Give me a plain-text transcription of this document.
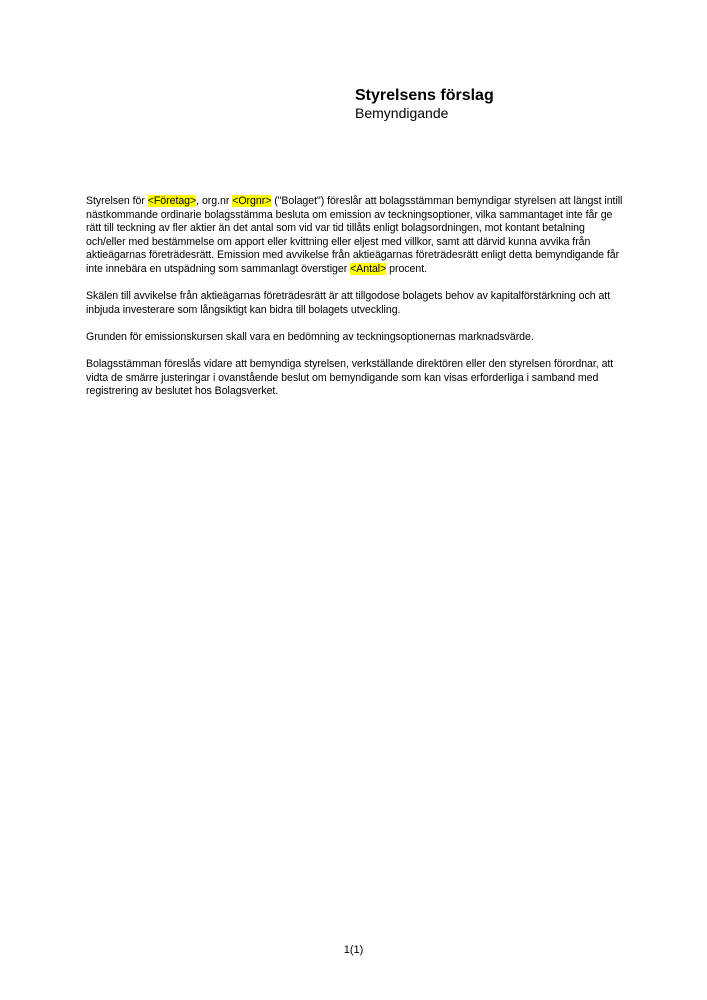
Styrelsens förslag

Bemyndigande

Styrelsen för <Företag>, org.nr <Orgnr> ("Bolaget") föreslår att bolagsstämman bemyndigar styrelsen att längst intill nästkommande ordinarie bolagsstämma besluta om emission av teckningsoptioner, vilka sammantaget inte får ge rätt till teckning av fler aktier än det antal som vid var tid tillåts enligt bolagsordningen, mot kontant betalning och/eller med bestämmelse om apport eller kvittning eller eljest med villkor, samt att därvid kunna avvika från aktieägarnas företrädesrätt. Emission med avvikelse från aktieägarnas företrädesrätt enligt detta bemyndigande får inte innebära en utspädning som sammanlagt överstiger <Antal> procent.

Skälen till avvikelse från aktieägarnas företrädesrätt är att tillgodose bolagets behov av kapitalförstärkning och att inbjuda investerare som långsiktigt kan bidra till bolagets utveckling.

Grunden för emissionskursen skall vara en bedömning av teckningsoptionernas marknadsvärde.

Bolagsstämman föreslås vidare att bemyndiga styrelsen, verkställande direktören eller den styrelsen förordnar, att vidta de smärre justeringar i ovanstående beslut om bemyndigande som kan visas erforderliga i samband med registrering av beslutet hos Bolagsverket.

1(1)
